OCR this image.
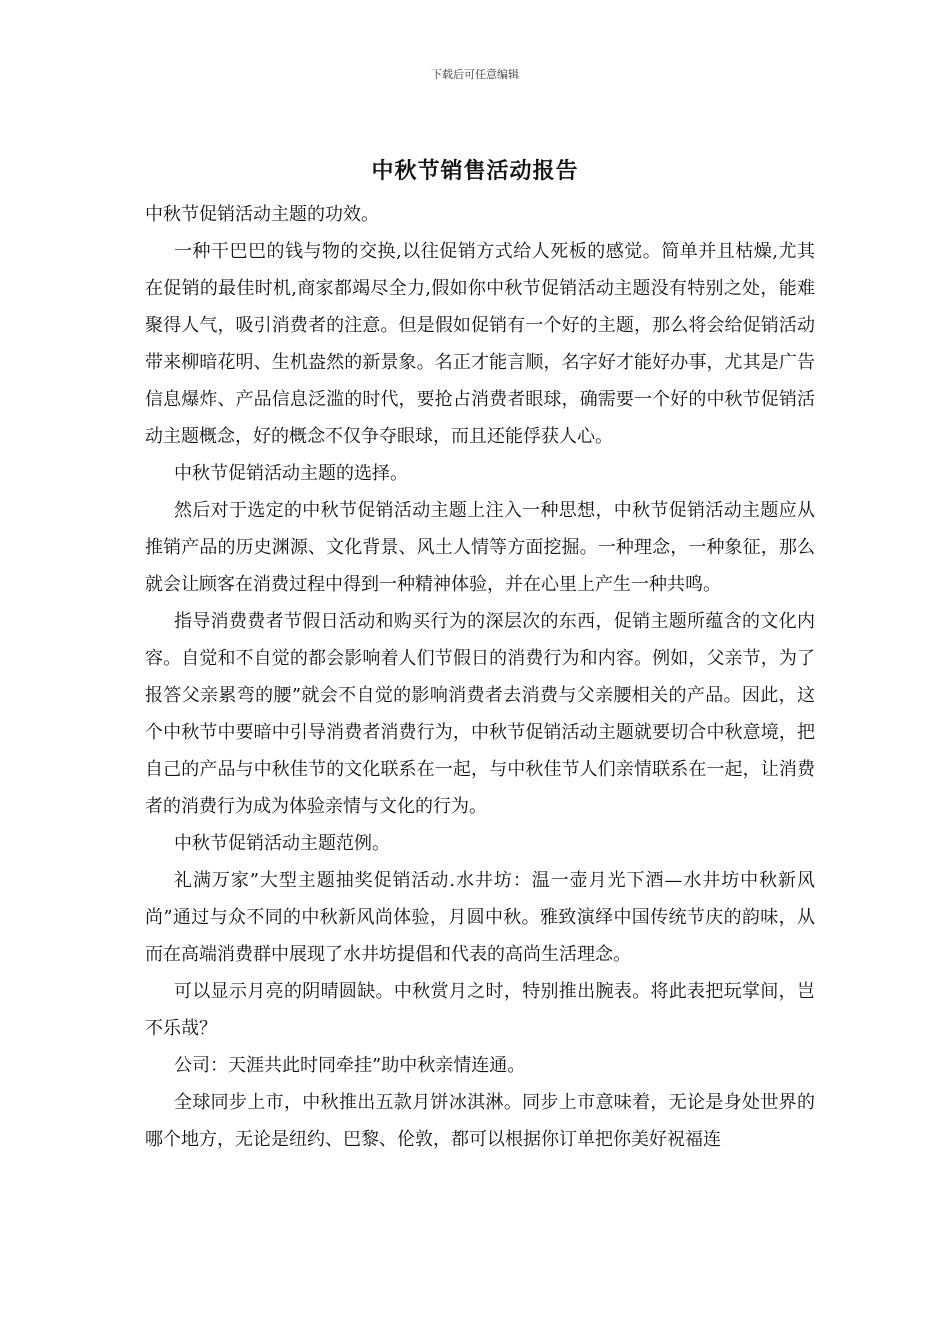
下载后可任意编辑
中秋节销售活动报告

中秋节促销活动主题的功效。

一种干巴巴的钱与物的交换,以往促销方式给人死板的感觉。简单并且枯燥,尤其在促销的最佳时机,商家都竭尽全力,假如你中秋节促销活动主题没有特别之处，能难聚得人气，吸引消费者的注意。但是假如促销有一个好的主题，那么将会给促销活动带来柳暗花明、生机盎然的新景象。名正才能言顺，名字好才能好办事，尤其是广告信息爆炸、产品信息泛滥的时代，要抢占消费者眼球，确需要一个好的中秋节促销活动主题概念，好的概念不仅争夺眼球，而且还能俘获人心。

中秋节促销活动主题的选择。

然后对于选定的中秋节促销活动主题上注入一种思想，中秋节促销活动主题应从推销产品的历史渊源、文化背景、风土人情等方面挖掘。一种理念，一种象征，那么就会让顾客在消费过程中得到一种精神体验，并在心里上产生一种共鸣。

指导消费费者节假日活动和购买行为的深层次的东西，促销主题所蕴含的文化内容。自觉和不自觉的都会影响着人们节假日的消费行为和内容。例如，父亲节，为了报答父亲累弯的腰”就会不自觉的影响消费者去消费与父亲腰相关的产品。因此，这个中秋节中要暗中引导消费者消费行为，中秋节促销活动主题就要切合中秋意境，把自己的产品与中秋佳节的文化联系在一起，与中秋佳节人们亲情联系在一起，让消费者的消费行为成为体验亲情与文化的行为。

中秋节促销活动主题范例。

礼满万家”大型主题抽奖促销活动.水井坊：温一壶月光下酒—水井坊中秋新风尚”通过与众不同的中秋新风尚体验，月圆中秋。雅致演绎中国传统节庆的韵味，从而在高端消费群中展现了水井坊提倡和代表的高尚生活理念。

可以显示月亮的阴晴圆缺。中秋赏月之时，特别推出腕表。将此表把玩掌间，岂不乐哉？

公司：天涯共此时同牵挂”助中秋亲情连通。

全球同步上市，中秋推出五款月饼冰淇淋。同步上市意味着，无论是身处世界的哪个地方，无论是纽约、巴黎、伦敦，都可以根据你订单把你美好祝福连
